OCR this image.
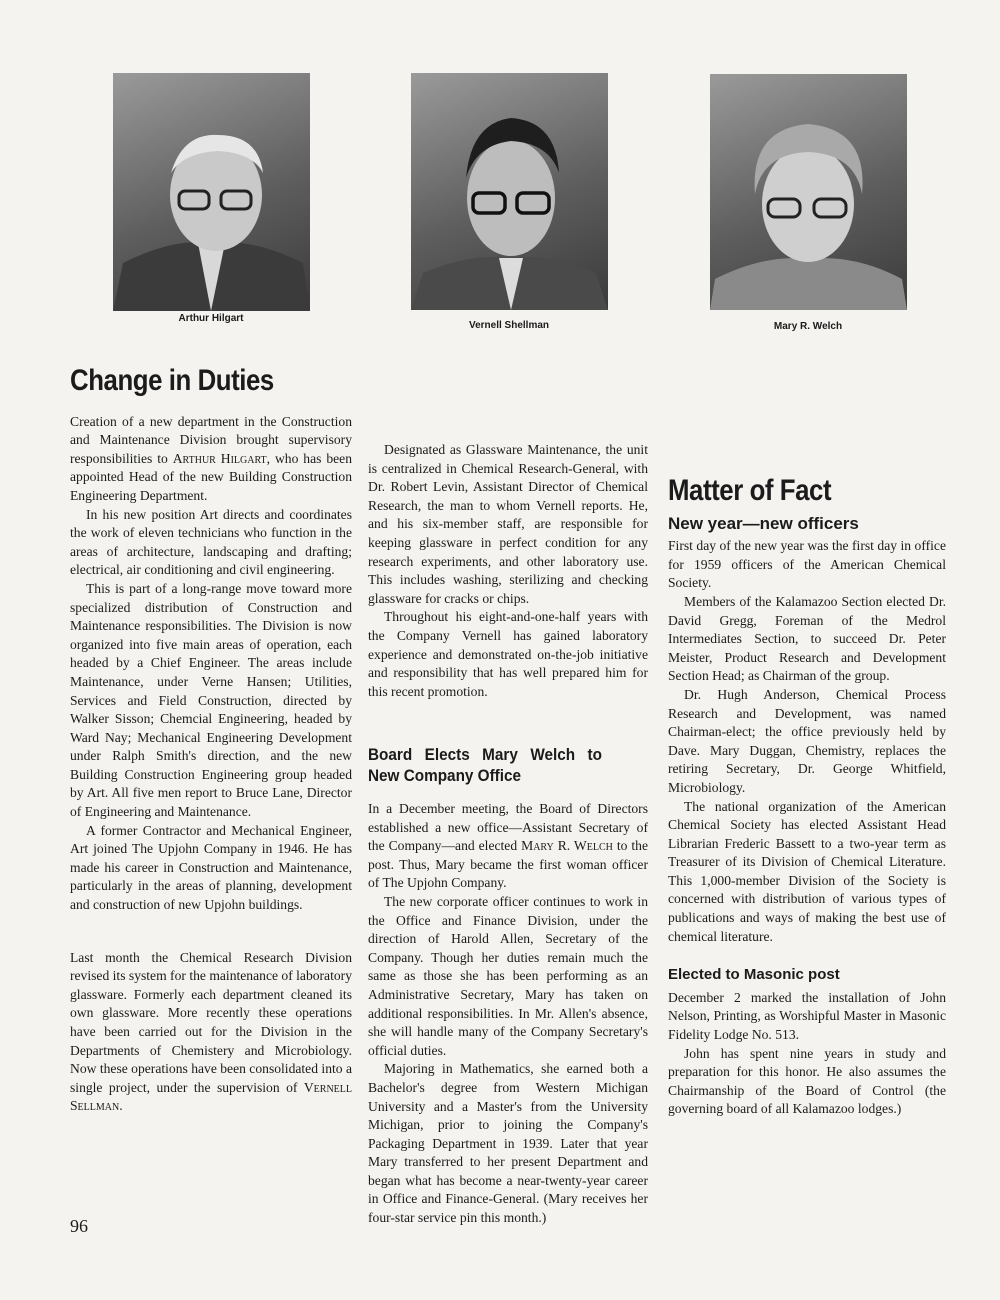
Arthur Hilgart
Vernell Shellman	Mary R. Welch
Change in Duties

Creation of a new department in the Construction and Maintenance Division brought supervisory responsibilities to Arthur Hilgart, who has been appointed Head of the new Building Construction Engineering Department.

In his new position Art directs and coordinates the work of eleven technicians who function in the areas of architecture, landscaping and drafting; electrical, air conditioning and civil engineering.

This is part of a long-range move toward more specialized distribution of Construction and Maintenance responsibilities. The Division is now organized into five main areas of operation, each headed by a Chief Engineer. The areas include Maintenance, under Verne Hansen; Utilities, Services and Field Construction, directed by Walker Sisson; Chemcial Engineering, headed by Ward Nay; Mechanical Engineering Development under Ralph Smith's direction, and the new Building Construction Engineering group headed by Art. All five men report to Bruce Lane, Director of Engineering and Maintenance.

A former Contractor and Mechanical Engineer, Art joined The Upjohn Company in 1946. He has made his career in Construction and Maintenance, particularly in the areas of planning, development and construction of new Upjohn buildings.

Last month the Chemical Research Division revised its system for the maintenance of laboratory glassware. Formerly each department cleaned its own glassware. More recently these operations have been carried out for the Division in the Departments of Chemistery and Microbiology. Now these operations have been consolidated into a single project, under the supervision of Vernell Sellman.

Designated as Glassware Maintenance, the unit is centralized in Chemical Research-General, with Dr. Robert Levin, Assistant Director of Chemical Research, the man to whom Vernell reports. He, and his six-member staff, are responsible for keeping glassware in perfect condition for any research experiments, and other laboratory use. This includes washing, sterilizing and checking glassware for cracks or chips.

Throughout his eight-and-one-half years with the Company Vernell has gained laboratory experience and demonstrated on-the-job initiative and responsibility that has well prepared him for this recent promotion.

Board Elects Mary Welch to New Company Office

In a December meeting, the Board of Directors established a new office—Assistant Secretary of the Company—and elected Mary R. Welch to the post. Thus, Mary became the first woman officer of The Upjohn Company.

The new corporate officer continues to work in the Office and Finance Division, under the direction of Harold Allen, Secretary of the Company. Though her duties remain much the same as those she has been performing as an Administrative Secretary, Mary has taken on additional responsibilities. In Mr. Allen's absence, she will handle many of the Company Secretary's official duties.

Majoring in Mathematics, she earned both a Bachelor's degree from Western Michigan University and a Master's from the University Michigan, prior to joining the Company's Packaging Department in 1939. Later that year Mary transferred to her present Department and began what has become a near-twenty-year career in Office and Finance-General. (Mary receives her four-star service pin this month.)

Matter of Fact
New year—new officers

First day of the new year was the first day in office for 1959 officers of the American Chemical Society.

Members of the Kalamazoo Section elected Dr. David Gregg, Foreman of the Medrol Intermediates Section, to succeed Dr. Peter Meister, Product Research and Development Section Head; as Chairman of the group.

Dr. Hugh Anderson, Chemical Process Research and Development, was named Chairman-elect; the office previously held by Dave. Mary Duggan, Chemistry, replaces the retiring Secretary, Dr. George Whitfield, Microbiology.

The national organization of the American Chemical Society has elected Assistant Head Librarian Frederic Bassett to a two-year term as Treasurer of its Division of Chemical Literature. This 1,000-member Division of the Society is concerned with distribution of various types of publications and ways of making the best use of chemical literature.

Elected to Masonic post

December 2 marked the installation of John Nelson, Printing, as Worshipful Master in Masonic Fidelity Lodge No. 513.

John has spent nine years in study and preparation for this honor. He also assumes the Chairmanship of the Board of Control (the governing board of all Kalamazoo lodges.)

96
